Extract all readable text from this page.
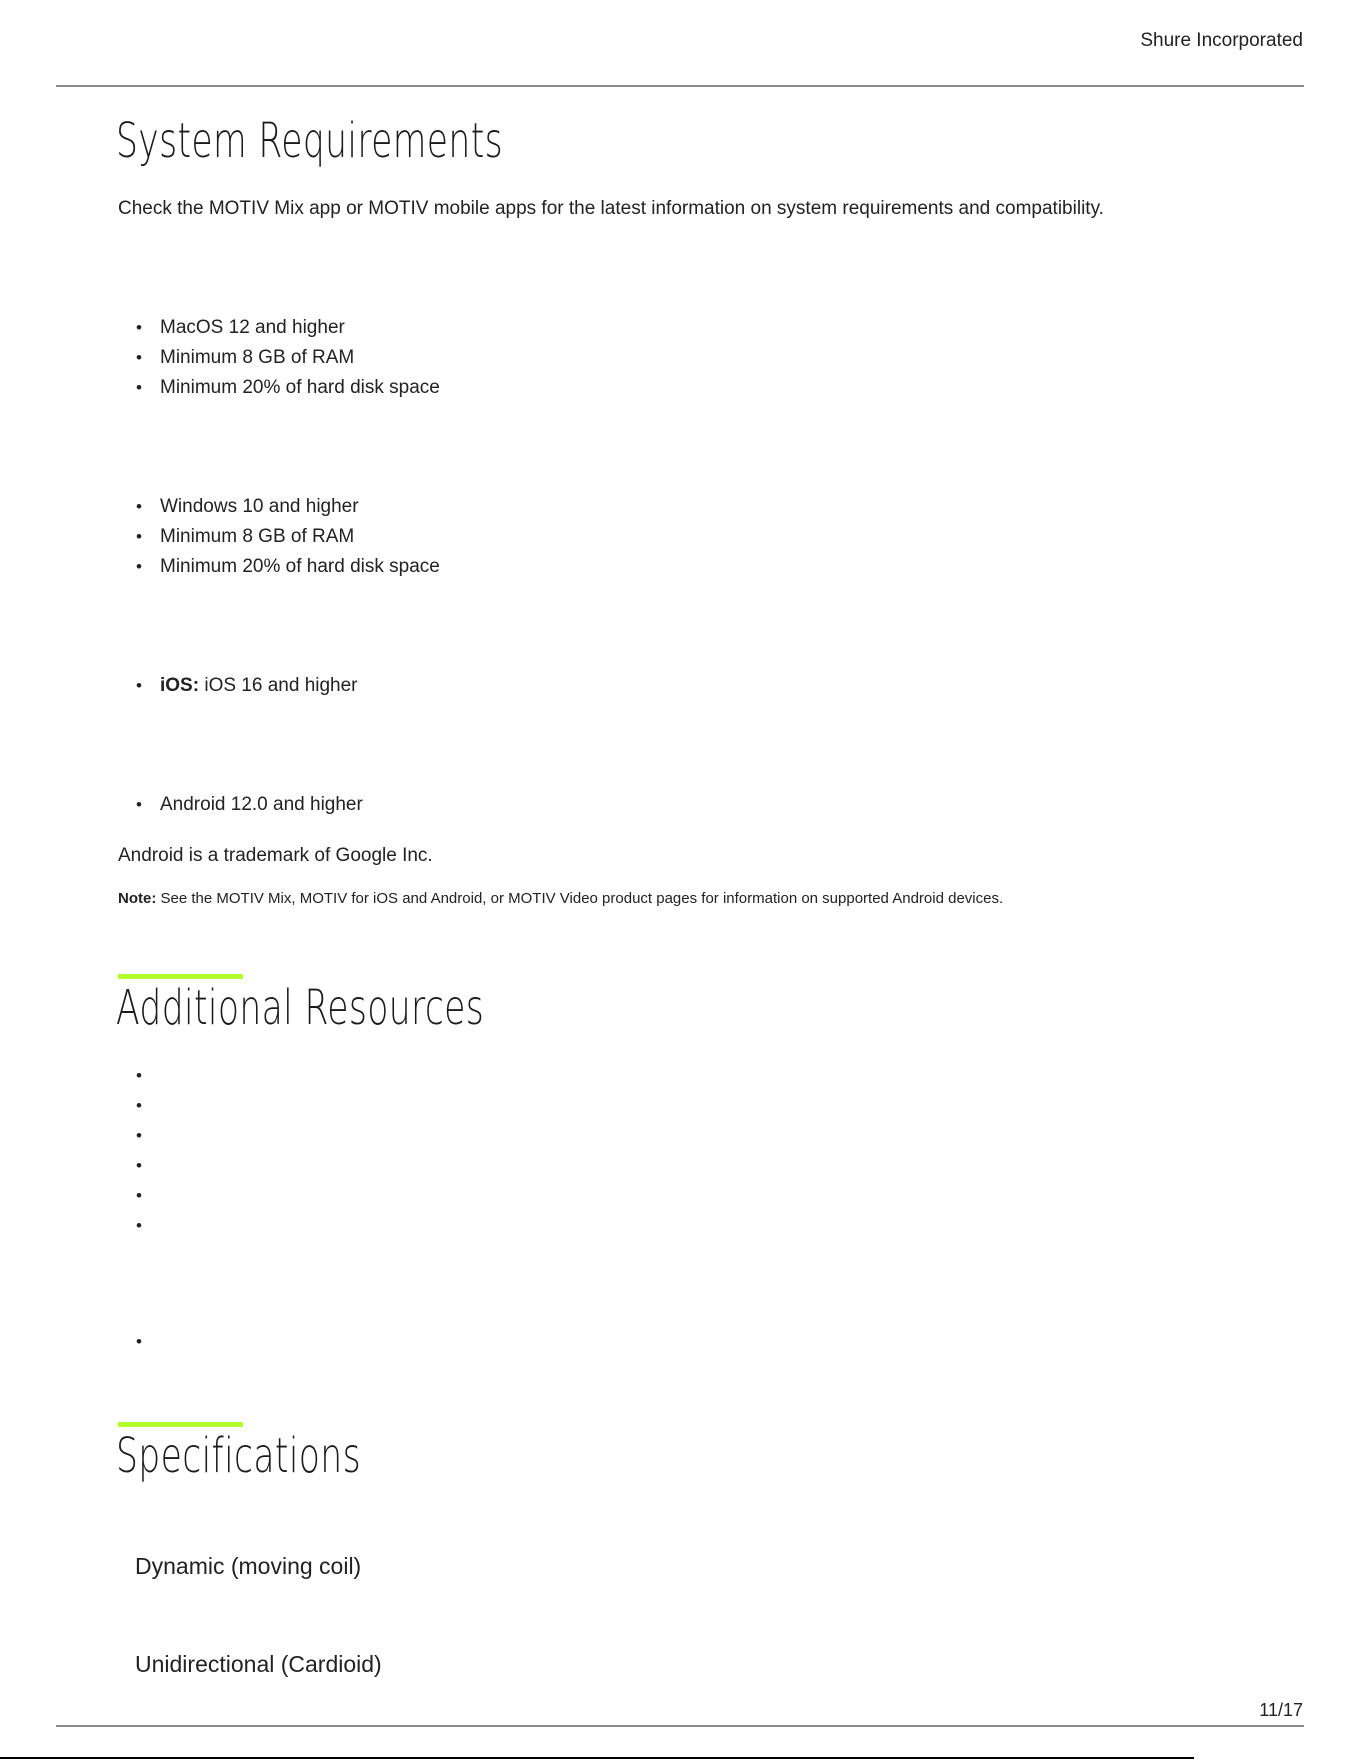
Shure Incorporated
System Requirements

Check the MOTIV Mix app or MOTIV mobile apps for the latest information on system requirements and compatibility.

• MacOS 12 and higher
• Minimum 8 GB of RAM
• Minimum 20% of hard disk space
• Windows 10 and higher
• Minimum 8 GB of RAM
• Minimum 20% of hard disk space
• iOS: iOS 16 and higher
• Android 12.0 and higher

Android is a trademark of Google Inc.

Note: See the MOTIV Mix, MOTIV for iOS and Android, or MOTIV Video product pages for information on supported Android devices.

Additional Resources
•
•
•
•
•
•
•
Specifications

Dynamic (moving coil)

Unidirectional (Cardioid)

11/17
